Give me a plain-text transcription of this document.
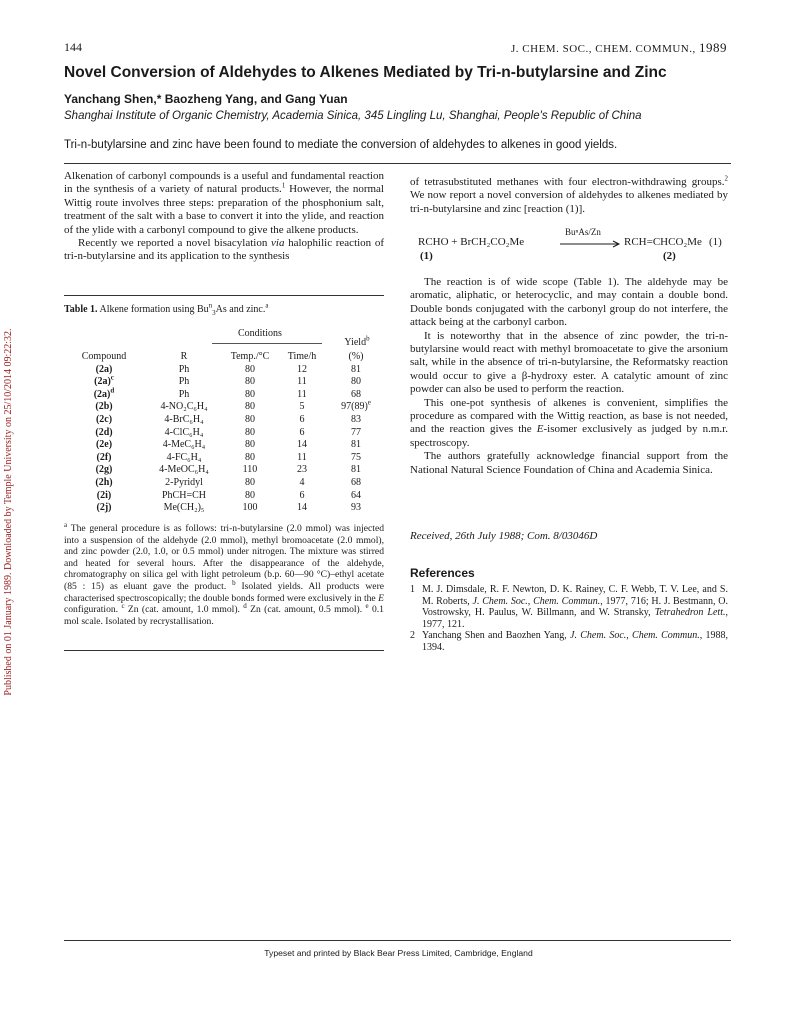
Published on 01 January 1989. Downloaded by Temple University on 25/10/2014 09:22:32.
144	J. CHEM. SOC., CHEM. COMMUN., 1989
Novel Conversion of Aldehydes to Alkenes Mediated by Tri-n-butylarsine and Zinc
Yanchang Shen,* Baozheng Yang, and Gang Yuan
Shanghai Institute of Organic Chemistry, Academia Sinica, 345 Lingling Lu, Shanghai, People's Republic of China
Tri-n-butylarsine and zinc have been found to mediate the conversion of aldehydes to alkenes in good yields.

Alkenation of carbonyl compounds is a useful and fundamental reaction in the synthesis of a variety of natural products.$^1$ However, the normal Wittig route involves three steps: preparation of the phosphonium salt, treatment of the salt with a base to convert it into the ylide, and reaction of the ylide with a carbonyl compound to give the alkene products.

Recently we reported a novel bisacylation via halophilic reaction of tri-n-butylarsine and its application to the synthesis

Table 1. Alkene formation using $Bu^n_3As$ and zinc.$^a$
Conditions
Yield$^b$
Compound	R	Temp./°C	Time/h	(%)
(2a)	Ph	80	12	81
$(2a)^c$	Ph	80	11	80
$(2a)^d$	Ph	80	11	68
(2b)	4-NO₂C₆H₄	80	5	$97(89)^e$
(2c)	4-BrC₆H₄	80	6	83
(2d)	4-ClC₆H₄	80	6	77
(2e)	4-MeC₆H₄	80	14	81
(2f)	4-FC₆H₄	80	11	75
(2g)	4-MeOC₆H₄	110	23	81
(2h)	2-Pyridyl	80	4	68
(2i)	PhCH=CH	80	6	64
(2j)	Me(CH₂)₅	100	14	93
$^a$ The general procedure is as follows: tri-n-butylarsine (2.0 mmol) was injected into a suspension of the aldehyde (2.0 mmol), methyl bromoacetate (2.0 mmol), and zinc powder (2.0, 1.0, or 0.5 mmol) under nitrogen. The mixture was stirred and heated for several hours. After the disappearance of the aldehyde, chromatography on silica gel with light petroleum (b.p. 60—90 °C)–ethyl acetate (85 : 15) as eluant gave the product. $^b$ Isolated yields. All products were characterised spectroscopically; the double bonds formed were exclusively in the E configuration. $^c$ Zn (cat. amount, 1.0 mmol). $^d$ Zn (cat. amount, 0.5 mmol). $^e$ 0.1 mol scale. Isolated by recrystallisation.

of tetrasubstituted methanes with four electron-withdrawing groups.$^2$ We now report a novel conversion of aldehydes to alkenes mediated by tri-n-butylarsine and zinc [reaction (1)].

RCHO + BrCH₂CO₂Me
BuⁿAs/Zn
RCH=CHCO₂Me (1)
(1)	(2)

The reaction is of wide scope (Table 1). The aldehyde may be aromatic, aliphatic, or heterocyclic, and may contain a double bond. Double bonds conjugated with the carbonyl group do not interfere, the attack being at the carbonyl carbon.

It is noteworthy that in the absence of zinc powder, the tri-n-butylarsine would react with methyl bromoacetate to give the arsonium salt, while in the absence of tri-n-butylarsine, the Reformatsky reaction would occur to give a β-hydroxy ester. A catalytic amount of zinc powder can also be used to perform the reaction.

This one-pot synthesis of alkenes is convenient, simplifies the procedure as compared with the Wittig reaction, as base is not needed, and the reaction gives the E-isomer exclusively as judged by n.m.r. spectroscopy.

The authors gratefully acknowledge financial support from the National Natural Science Foundation of China and Academia Sinica.

Received, 26th July 1988; Com. 8/03046D
References
1 M. J. Dimsdale, R. F. Newton, D. K. Rainey, C. F. Webb, T. V. Lee, and S. M. Roberts, J. Chem. Soc., Chem. Commun., 1977, 716; H. J. Bestmann, O. Vostrowsky, H. Paulus, W. Billmann, and W. Stransky, Tetrahedron Lett., 1977, 121.
2 Yanchang Shen and Baozhen Yang, J. Chem. Soc., Chem. Commun., 1988, 1394.
Typeset and printed by Black Bear Press Limited, Cambridge, England
